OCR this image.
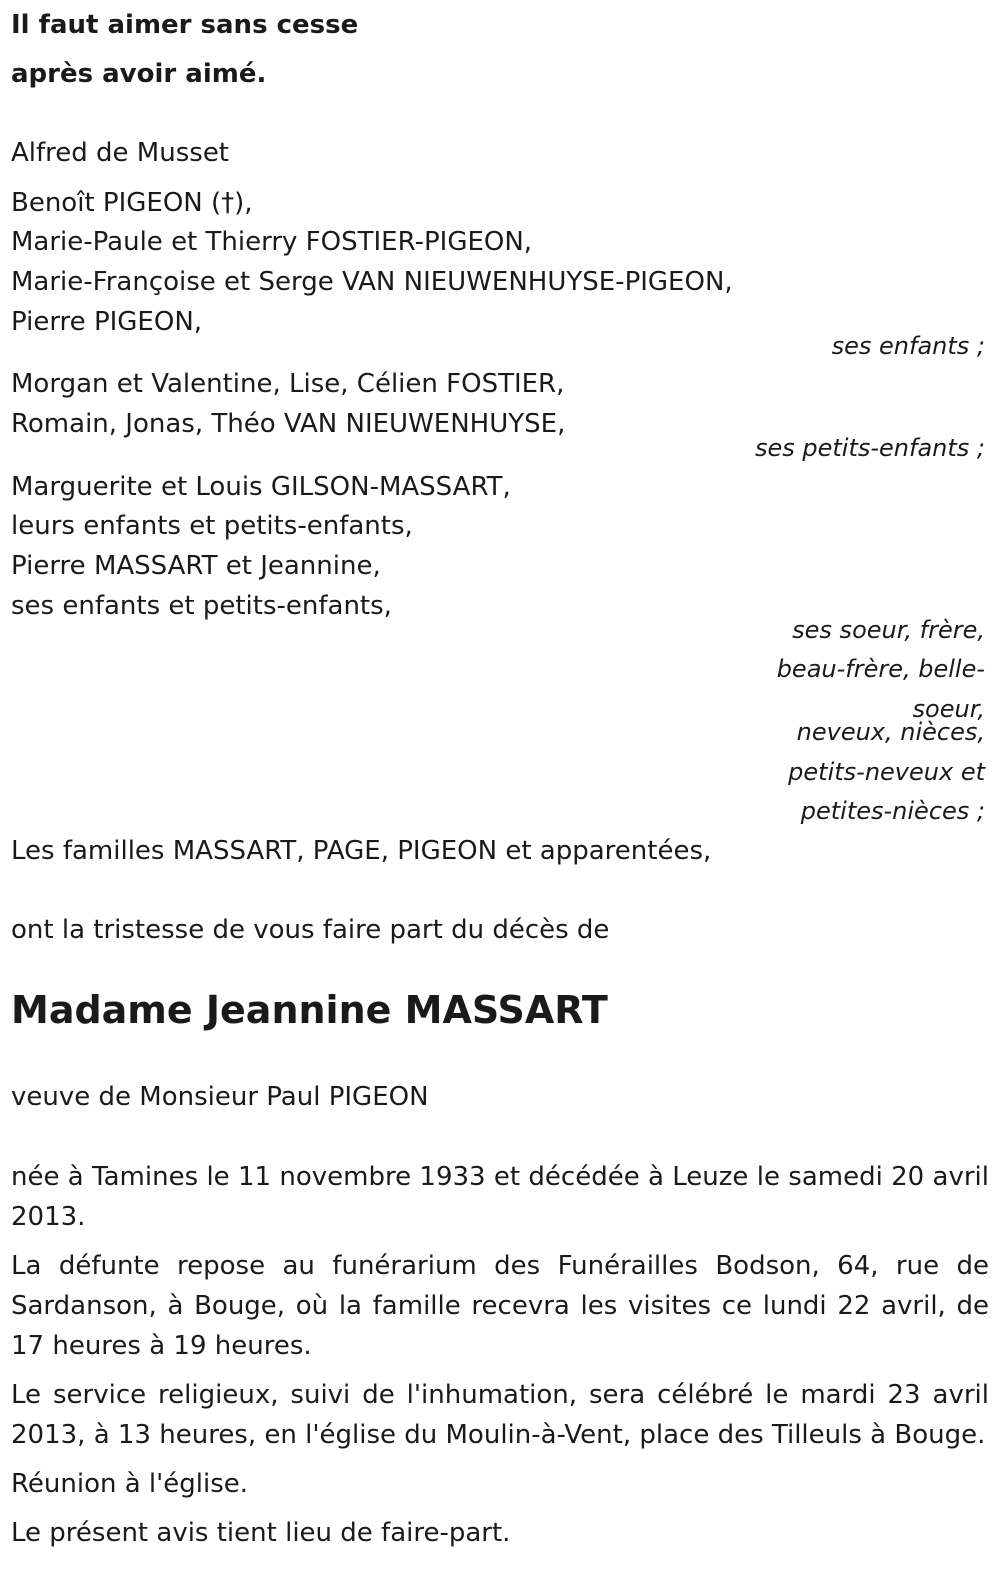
Il faut aimer sans cesse
après avoir aimé.
Alfred de Musset
Benoît PIGEON (†),
Marie-Paule et Thierry FOSTIER-PIGEON,
Marie-Françoise et Serge VAN NIEUWENHUYSE-PIGEON,
Pierre PIGEON,
ses enfants ;
Morgan et Valentine, Lise, Célien FOSTIER,
Romain, Jonas, Théo VAN NIEUWENHUYSE,
ses petits-enfants ;
Marguerite et Louis GILSON-MASSART,
leurs enfants et petits-enfants,
Pierre MASSART et Jeannine,
ses enfants et petits-enfants,
ses soeur, frère,
beau-frère, belle-
soeur,
neveux, nièces,
petits-neveux et
petites-nièces ;
Les familles MASSART, PAGE, PIGEON et apparentées,
ont la tristesse de vous faire part du décès de
Madame Jeannine MASSART
veuve de Monsieur Paul PIGEON
née à Tamines le 11 novembre 1933 et décédée à Leuze le samedi 20 avril 2013.
La défunte repose au funérarium des Funérailles Bodson, 64, rue de Sardanson, à Bouge, où la famille recevra les visites ce lundi 22 avril, de 17 heures à 19 heures.
Le service religieux, suivi de l'inhumation, sera célébré le mardi 23 avril 2013, à 13 heures, en l'église du Moulin-à-Vent, place des Tilleuls à Bouge.
Réunion à l'église.
Le présent avis tient lieu de faire-part.
